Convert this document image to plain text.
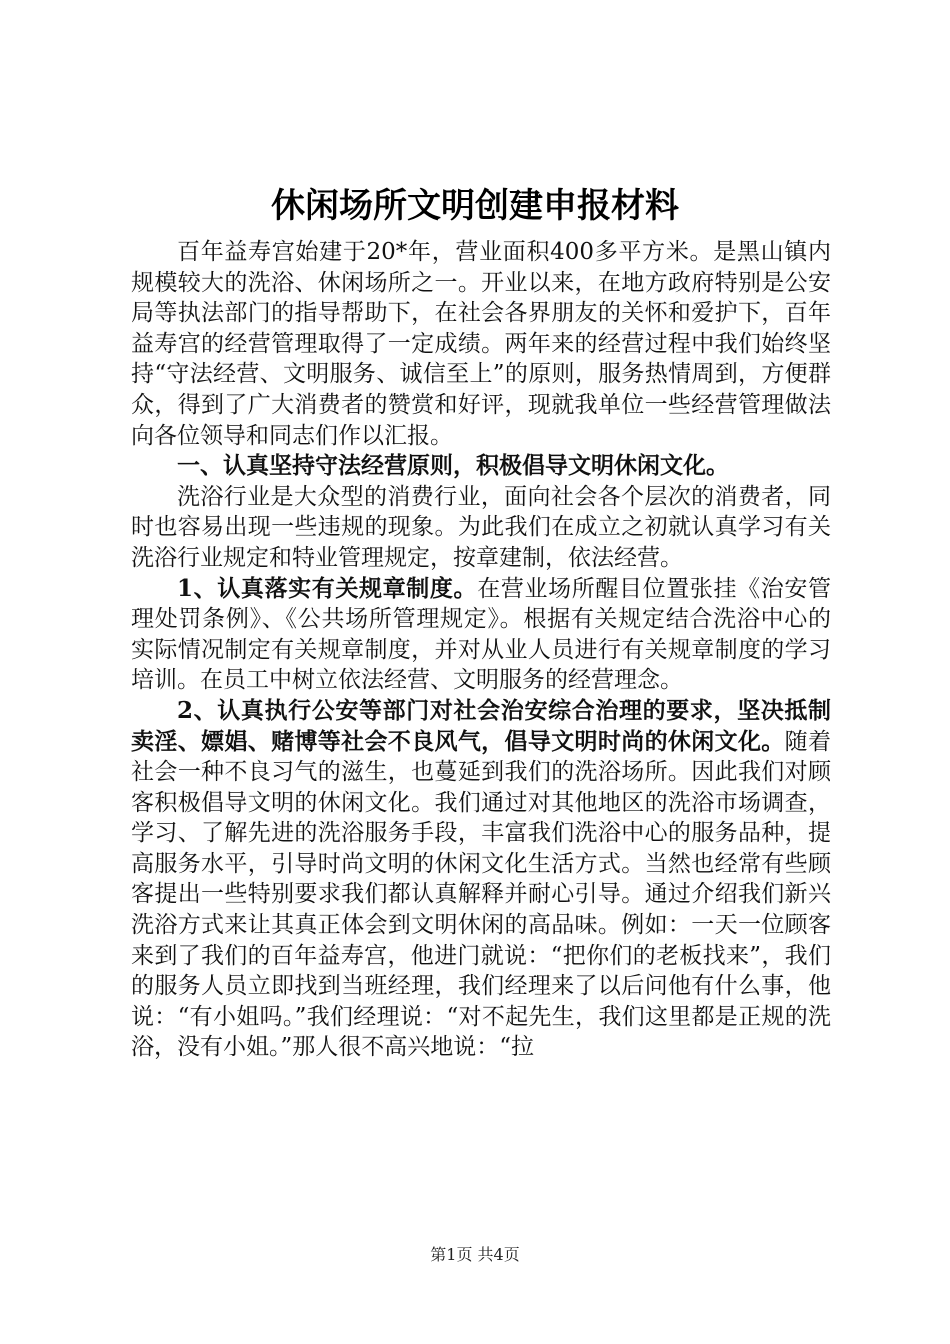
休闲场所文明创建申报材料

百年益寿宫始建于20*年，营业面积400多平方米。是黑山镇内规模较大的洗浴、休闲场所之一。开业以来，在地方政府特别是公安局等执法部门的指导帮助下，在社会各界朋友的关怀和爱护下，百年益寿宫的经营管理取得了一定成绩。两年来的经营过程中我们始终坚持“守法经营、文明服务、诚信至上”的原则，服务热情周到，方便群众，得到了广大消费者的赞赏和好评，现就我单位一些经营管理做法向各位领导和同志们作以汇报。

一、认真坚持守法经营原则，积极倡导文明休闲文化。

洗浴行业是大众型的消费行业，面向社会各个层次的消费者，同时也容易出现一些违规的现象。为此我们在成立之初就认真学习有关洗浴行业规定和特业管理规定，按章建制，依法经营。

1、认真落实有关规章制度。在营业场所醒目位置张挂《治安管理处罚条例》、《公共场所管理规定》。根据有关规定结合洗浴中心的实际情况制定有关规章制度，并对从业人员进行有关规章制度的学习培训。在员工中树立依法经营、文明服务的经营理念。

2、认真执行公安等部门对社会治安综合治理的要求，坚决抵制卖淫、嫖娼、赌博等社会不良风气，倡导文明时尚的休闲文化。随着社会一种不良习气的滋生，也蔓延到我们的洗浴场所。因此我们对顾客积极倡导文明的休闲文化。我们通过对其他地区的洗浴市场调查，学习、了解先进的洗浴服务手段，丰富我们洗浴中心的服务品种，提高服务水平，引导时尚文明的休闲文化生活方式。当然也经常有些顾客提出一些特别要求我们都认真解释并耐心引导。通过介绍我们新兴洗浴方式来让其真正体会到文明休闲的高品味。例如：一天一位顾客来到了我们的百年益寿宫，他进门就说：“把你们的老板找来”，我们的服务人员立即找到当班经理，我们经理来了以后问他有什么事，他说：“有小姐吗。”我们经理说：“对不起先生，我们这里都是正规的洗浴，没有小姐。”那人很不高兴地说：“拉

第1页 共4页
